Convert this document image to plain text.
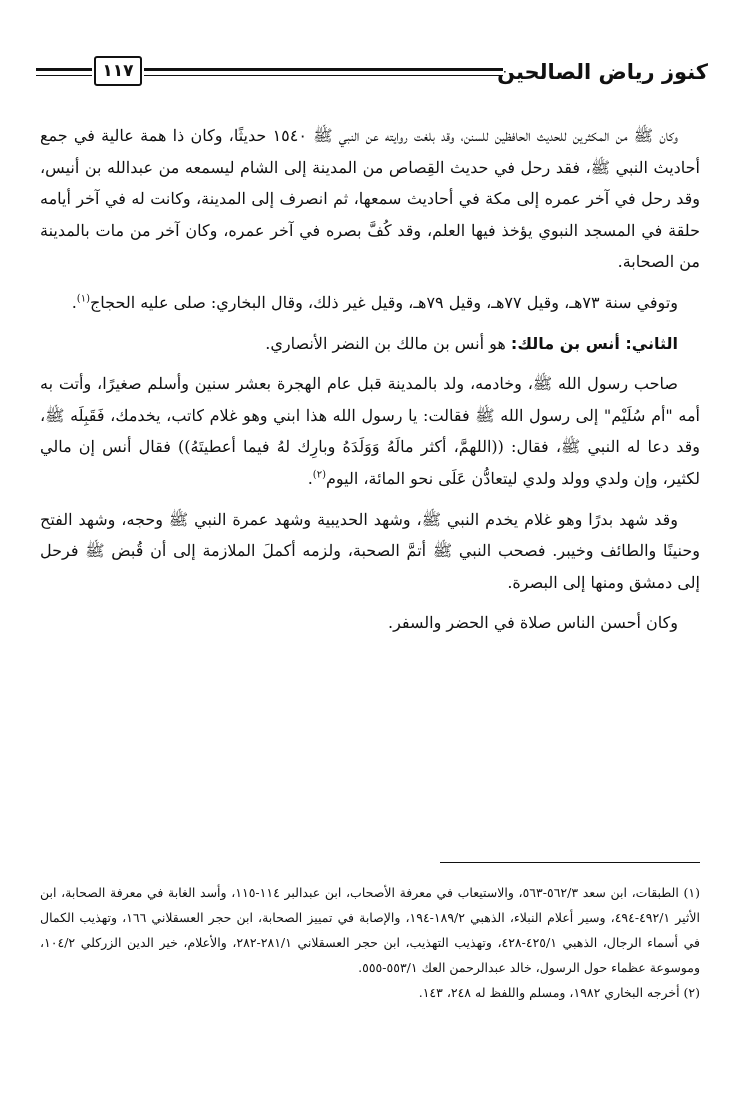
١١٧	كنوز رياض الصالحين

وكان ﷺ من المكثرين للحديث الحافظين للسنن، وقد بلغت روايته عن النبي ﷺ ١٥٤٠ حديثًا، وكان ذا همة عالية في جمع أحاديث النبي ﷺ، فقد رحل في حديث القِصاص من المدينة إلى الشام ليسمعه من عبدالله بن أنيس، وقد رحل في آخر عمره إلى مكة في أحاديث سمعها، ثم انصرف إلى المدينة، وكانت له في آخر أيامه حلقة في المسجد النبوي يؤخذ فيها العلم، وقد كُفَّ بصره في آخر عمره، وكان آخر من مات بالمدينة من الصحابة.

وتوفي سنة ٧٣هـ، وقيل ٧٧هـ، وقيل ٧٩هـ، وقيل غير ذلك، وقال البخاري: صلى عليه الحجاج$^{(١)}$.

الثاني: أنس بن مالك: هو أنس بن مالك بن النضر الأنصاري.

صاحب رسول الله ﷺ، وخادمه، ولد بالمدينة قبل عام الهجرة بعشر سنين وأسلم صغيرًا، وأتت به أمه "أم سُلَيْم" إلى رسول الله ﷺ فقالت: يا رسول الله هذا ابني وهو غلام كاتب، يخدمك، فَقَبِلَه ﷺ، وقد دعا له النبي ﷺ، فقال: ((اللهمَّ، أكثر مالَهُ وَوَلَدَهُ وبارِك لهُ فيما أعطيتَهُ)) فقال أنس إن مالي لكثير، وإن ولدي وولد ولدي ليتعادُّن عَلَى نحو المائة، اليوم$^{(٢)}$.

وقد شهد بدرًا وهو غلام يخدم النبي ﷺ، وشهد الحديبية وشهد عمرة النبي ﷺ وحجه، وشهد الفتح وحنينًا والطائف وخيبر. فصحب النبي ﷺ أتمَّ الصحبة، ولزمه أكملَ الملازمة إلى أن قُبض ﷺ فرحل إلى دمشق ومنها إلى البصرة.

وكان أحسن الناس صلاة في الحضر والسفر.

(١) الطبقات، ابن سعد ٥٦٢/٣-٥٦٣، والاستيعاب في معرفة الأصحاب، ابن عبدالبر ١١٤-١١٥، وأسد الغابة في معرفة الصحابة، ابن الأثير ٤٩٢/١-٤٩٤، وسير أعلام النبلاء، الذهبي ١٨٩/٢-١٩٤، والإصابة في تمييز الصحابة، ابن حجر العسقلاني ١٦٦، وتهذيب الكمال في أسماء الرجال، الذهبي ٤٢٥/١-٤٢٨، وتهذيب التهذيب، ابن حجر العسقلاني ٢٨١/١-٢٨٢، والأعلام، خير الدين الزركلي ١٠٤/٢، وموسوعة عظماء حول الرسول، خالد عبدالرحمن العك ٥٥٣/١-٥٥٥.

(٢) أخرجه البخاري ١٩٨٢، ومسلم واللفظ له ٢٤٨، ١٤٣.
